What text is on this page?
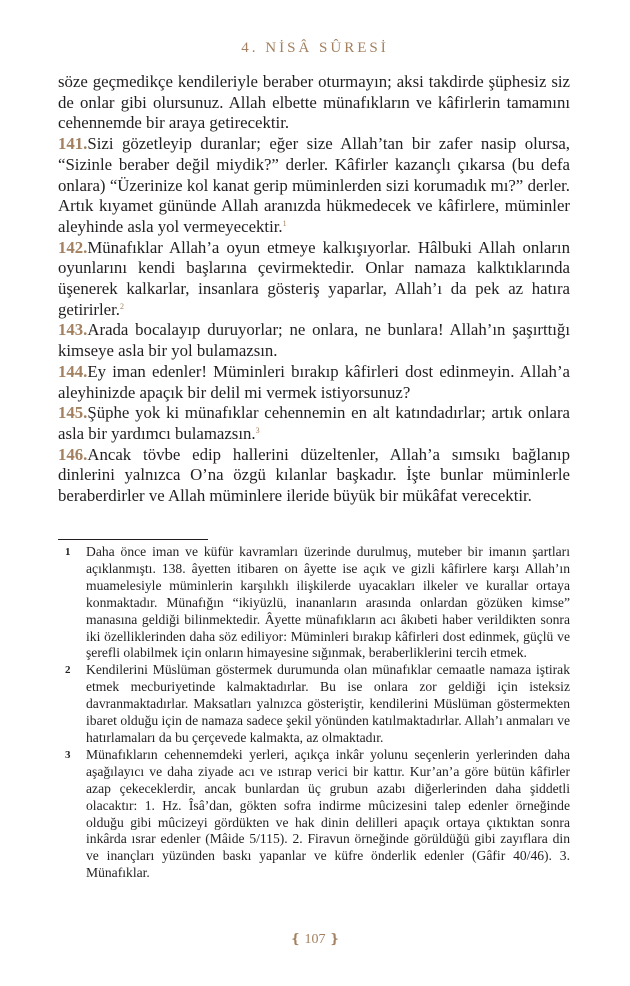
4. NİSÂ SÛRESİ

söze geçmedikçe kendileriyle beraber oturmayın; aksi takdirde şüphesiz siz de onlar gibi olursunuz. Allah elbette münafıkların ve kâfirlerin tamamını cehennemde bir araya getirecektir.

141.Sizi gözetleyip duranlar; eğer size Allah’tan bir zafer nasip olursa, “Sizinle beraber değil miydik?” derler. Kâfirler kazançlı çıkarsa (bu defa onlara) “Üzerinize kol kanat gerip müminlerden sizi korumadık mı?” derler. Artık kıyamet gününde Allah aranızda hükmedecek ve kâfirlere, müminler aleyhinde asla yol vermeyecektir.$^1$

142.Münafıklar Allah’a oyun etmeye kalkışıyorlar. Hâlbuki Allah onların oyunlarını kendi başlarına çevirmektedir. Onlar namaza kalktıklarında üşenerek kalkarlar, insanlara gösteriş yaparlar, Allah’ı da pek az hatıra getirirler.$^2$

143.Arada bocalayıp duruyorlar; ne onlara, ne bunlara! Allah’ın şaşırttığı kimseye asla bir yol bulamazsın.

144.Ey iman edenler! Müminleri bırakıp kâfirleri dost edinmeyin. Allah’a aleyhinizde apaçık bir delil mi vermek istiyorsunuz?

145.Şüphe yok ki münafıklar cehennemin en alt katındadırlar; artık onlara asla bir yardımcı bulamazsın.$^3$

146.Ancak tövbe edip hallerini düzeltenler, Allah’a sımsıkı bağlanıp dinlerini yalnızca O’na özgü kılanlar başkadır. İşte bunlar müminlerle beraberdirler ve Allah müminlere ileride büyük bir mükâfat verecektir.

1	Daha önce iman ve küfür kavramları üzerinde durulmuş, muteber bir imanın şartları açıklanmıştı. 138. âyetten itibaren on âyette ise açık ve gizli kâfirlere karşı Allah’ın muamelesiyle müminlerin karşılıklı ilişkilerde uyacakları ilkeler ve kurallar ortaya konmaktadır. Münafığın “ikiyüzlü, inananların arasında onlardan gözüken kimse” manasına geldiği bilinmektedir. Âyette münafıkların acı âkıbeti haber verildikten sonra iki özelliklerinden daha söz ediliyor: Müminleri bırakıp kâfirleri dost edinmek, güçlü ve şerefli olabilmek için onların himayesine sığınmak, beraberliklerini tercih etmek.
2	Kendilerini Müslüman göstermek durumunda olan münafıklar cemaatle namaza iştirak etmek mecburiyetinde kalmaktadırlar. Bu ise onlara zor geldiği için isteksiz davranmaktadırlar. Maksatları yalnızca gösteriştir, kendilerini Müslüman göstermekten ibaret olduğu için de namaza sadece şekil yönünden katılmaktadırlar. Allah’ı anmaları ve hatırlamaları da bu çerçevede kalmakta, az olmaktadır.
3	Münafıkların cehennemdeki yerleri, açıkça inkâr yolunu seçenlerin yerlerinden daha aşağılayıcı ve daha ziyade acı ve ıstırap verici bir kattır. Kur’an’a göre bütün kâfirler azap çekeceklerdir, ancak bunlardan üç grubun azabı diğerlerinden daha şiddetli olacaktır: 1. Hz. Îsâ’dan, gökten sofra indirme mûcizesini talep edenler örneğinde olduğu gibi mûcizeyi gördükten ve hak dinin delilleri apaçık ortaya çıktıktan sonra inkârda ısrar edenler (Mâide 5/115). 2. Firavun örneğinde görüldüğü gibi zayıflara din ve inançları yüzünden baskı yapanlar ve küfre önderlik edenler (Gâfir 40/46). 3. Münafıklar.
❴ 107 ❵
